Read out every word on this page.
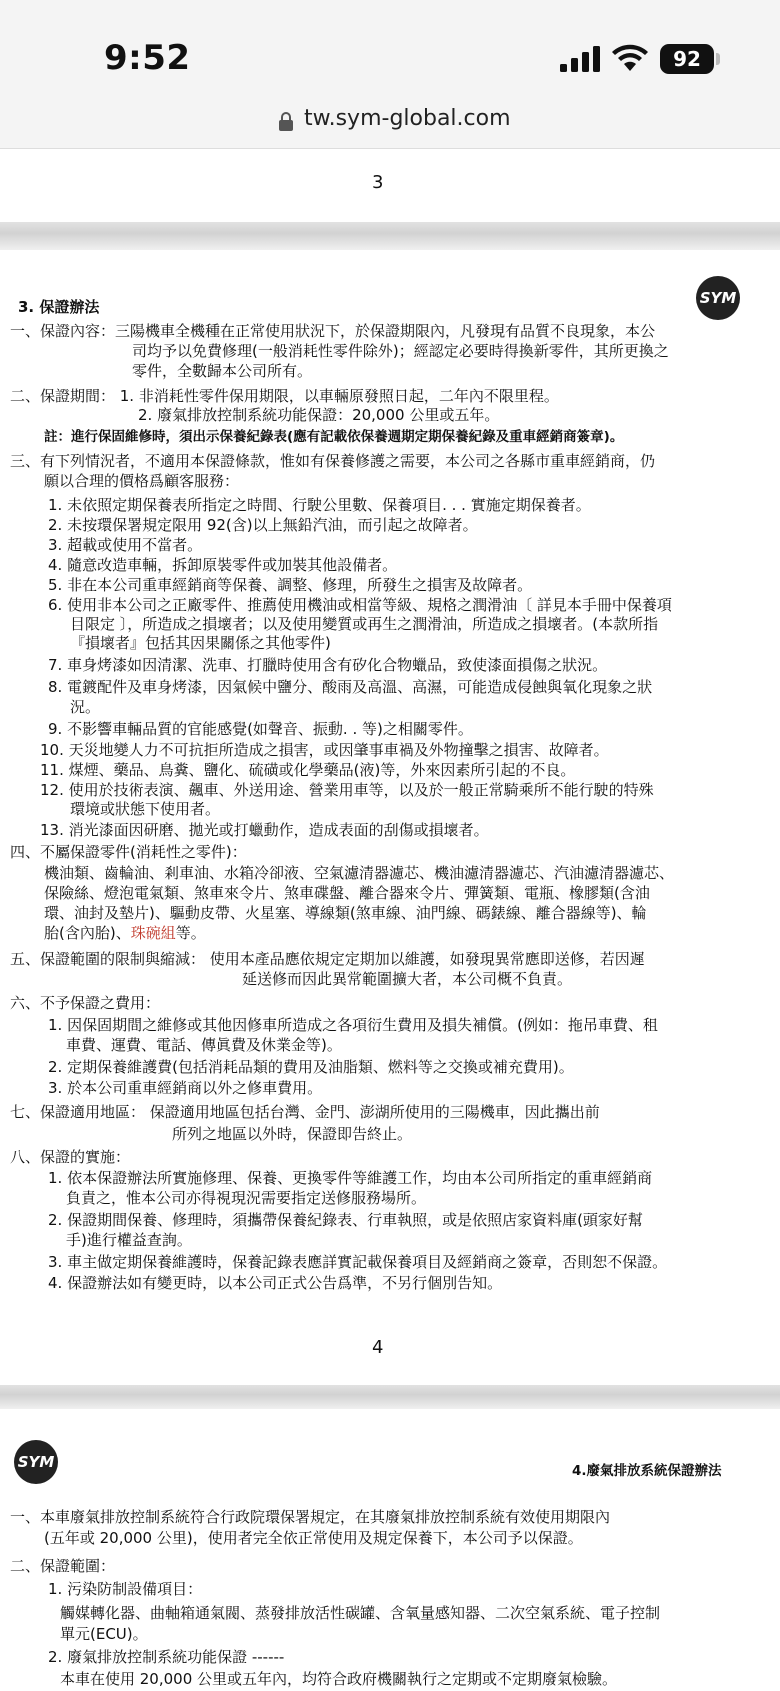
9:52	92
tw.sym-global.com
3
SYM
3. 保證辦法
一、保證內容：三陽機車全機種在正常使用狀況下，於保證期限內，凡發現有品質不良現象，本公
司均予以免費修理(一般消耗性零件除外)；經認定必要時得換新零件，其所更換之
零件，全數歸本公司所有。
二、保證期間： 1. 非消耗性零件保用期限，以車輛原發照日起，二年內不限里程。
2. 廢氣排放控制系統功能保證：20,000 公里或五年。
註：進行保固維修時，須出示保養紀錄表(應有記載依保養週期定期保養紀錄及重車經銷商簽章)。
三、有下列情況者，不適用本保證條款，惟如有保養修護之需要，本公司之各縣市重車經銷商，仍
願以合理的價格爲顧客服務：
1. 未依照定期保養表所指定之時間、行駛公里數、保養項目. . . 實施定期保養者。
2. 未按環保署規定限用 92(含)以上無鉛汽油，而引起之故障者。
3. 超載或使用不當者。
4. 隨意改造車輛，拆卸原裝零件或加裝其他設備者。
5. 非在本公司重車經銷商等保養、調整、修理，所發生之損害及故障者。
6. 使用非本公司之正廠零件、推薦使用機油或相當等級、規格之潤滑油〔 詳見本手冊中保養項
目限定 〕，所造成之損壞者；以及使用變質或再生之潤滑油，所造成之損壞者。(本款所指
『損壞者』包括其因果關係之其他零件)
7. 車身烤漆如因清潔、洗車、打臘時使用含有矽化合物蠟品，致使漆面損傷之狀況。
8. 電鍍配件及車身烤漆，因氣候中鹽分、酸雨及高溫、高濕，可能造成侵蝕與氧化現象之狀
況。
9. 不影響車輛品質的官能感覺(如聲音、振動. . 等)之相關零件。
10. 天災地變人力不可抗拒所造成之損害，或因肇事車禍及外物撞擊之損害、故障者。
11. 煤煙、藥品、鳥糞、鹽化、硫磺或化學藥品(液)等，外來因素所引起的不良。
12. 使用於技術表演、飆車、外送用途、營業用車等，以及於一般正常騎乘所不能行駛的特殊
環境或狀態下使用者。
13. 消光漆面因研磨、拋光或打蠟動作，造成表面的刮傷或損壞者。
四、不屬保證零件(消耗性之零件)：
機油類、齒輪油、剎車油、水箱冷卻液、空氣濾清器濾芯、機油濾清器濾芯、汽油濾清器濾芯、
保險絲、燈泡電氣類、煞車來令片、煞車碟盤、離合器來令片、彈簧類、電瓶、橡膠類(含油
環、油封及墊片)、驅動皮帶、火星塞、導線類(煞車線、油門線、碼錶線、離合器線等)、輪
胎(含內胎)、珠碗組等。
五、保證範圍的限制與縮減： 使用本產品應依規定定期加以維護，如發現異常應即送修，若因遲
延送修而因此異常範圍擴大者，本公司概不負責。
六、不予保證之費用：
1. 因保固期間之維修或其他因修車所造成之各項衍生費用及損失補償。(例如：拖吊車費、租
車費、運費、電話、傳眞費及休業金等)。
2. 定期保養維護費(包括消耗品類的費用及油脂類、燃料等之交換或補充費用)。
3. 於本公司重車經銷商以外之修車費用。
七、保證適用地區： 保證適用地區包括台灣、金門、澎湖所使用的三陽機車，因此攜出前
所列之地區以外時，保證即告終止。
八、保證的實施：
1. 依本保證辦法所實施修理、保養、更換零件等維護工作，均由本公司所指定的重車經銷商
負責之，惟本公司亦得視現況需要指定送修服務場所。
2. 保證期間保養、修理時，須攜帶保養紀錄表、行車執照，或是依照店家資料庫(頭家好幫
手)進行權益查詢。
3. 車主做定期保養維護時，保養記錄表應詳實記載保養項目及經銷商之簽章，否則恕不保證。
4. 保證辦法如有變更時，以本公司正式公告爲準，不另行個別告知。
4
SYM	4.廢氣排放系統保證辦法
一、本車廢氣排放控制系統符合行政院環保署規定，在其廢氣排放控制系統有效使用期限內
(五年或 20,000 公里)，使用者完全依正常使用及規定保養下，本公司予以保證。
二、保證範圍：
1. 污染防制設備項目：
觸媒轉化器、曲軸箱通氣閥、蒸發排放活性碳罐、含氧量感知器、二次空氣系統、電子控制
單元(ECU)。
2. 廢氣排放控制系統功能保證 ------
本車在使用 20,000 公里或五年內，均符合政府機關執行之定期或不定期廢氣檢驗。
